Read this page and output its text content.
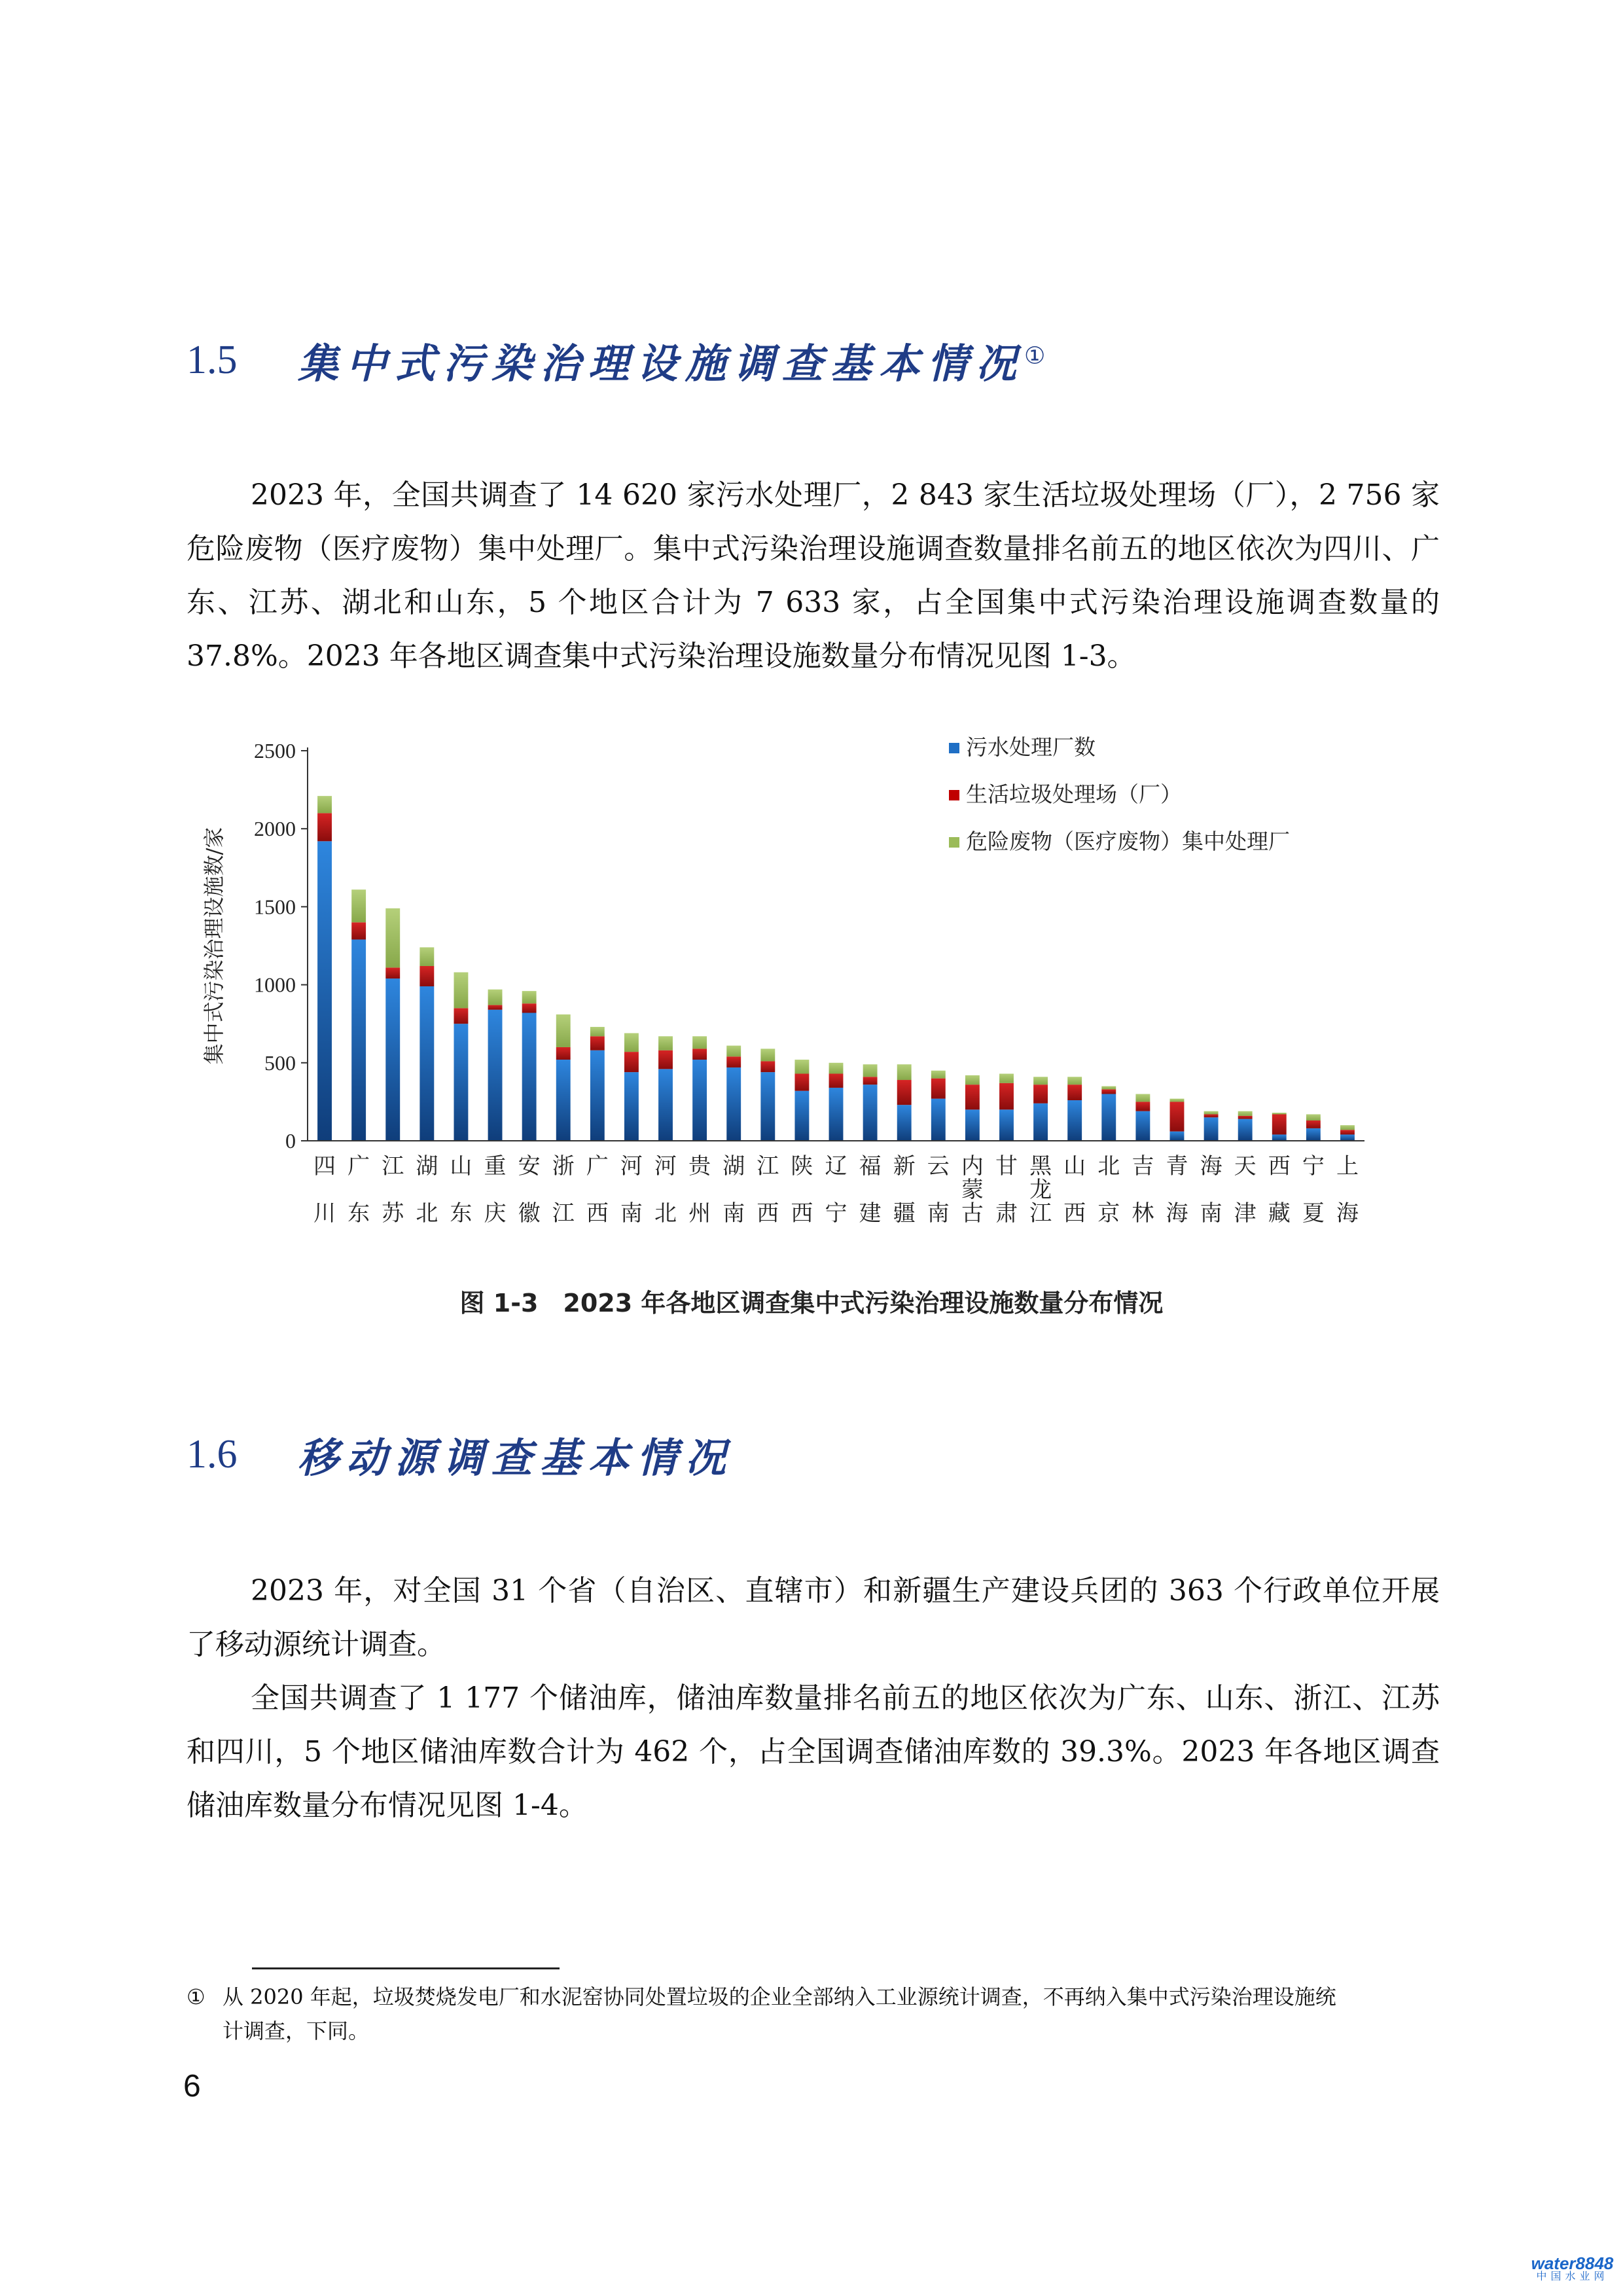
1.5	集中式污染治理设施调查基本情况①

2023 年，全国共调查了 14 620 家污水处理厂，2 843 家生活垃圾处理场（厂），2 756 家危险废物（医疗废物）集中处理厂。集中式污染治理设施调查数量排名前五的地区依次为四川、广东、江苏、湖北和山东，5 个地区合计为 7 633 家，占全国集中式污染治理设施调查数量的 37.8%。2023 年各地区调查集中式污染治理设施数量分布情况见图 1-3。

0
500
1000
1500
2000
2500
集中式污染治理设施数/家
四
川
广
东
江
苏
湖
北
山
东
重
庆
安
徽
浙
江
广
西
河
南
河
北
贵
州
湖
南
江
西
陕
西
辽
宁
福
建
新
疆
云
南
内
蒙
古
甘
肃
黑
龙
江
山
西
北
京
吉
林
青
海
海
南
天
津
西
藏
宁
夏
上
海
污水处理厂数
生活垃圾处理场（厂）
危险废物（医疗废物）集中处理厂
图 1-3　2023 年各地区调查集中式污染治理设施数量分布情况
1.6	移动源调查基本情况

2023 年，对全国 31 个省（自治区、直辖市）和新疆生产建设兵团的 363 个行政单位开展了移动源统计调查。

全国共调查了 1 177 个储油库，储油库数量排名前五的地区依次为广东、山东、浙江、江苏和四川，5 个地区储油库数合计为 462 个，占全国调查储油库数的 39.3%。2023 年各地区调查储油库数量分布情况见图 1-4。

① 从 2020 年起，垃圾焚烧发电厂和水泥窑协同处置垃圾的企业全部纳入工业源统计调查，不再纳入集中式污染治理设施统
计调查，下同。
6
water8848
中国水业网
